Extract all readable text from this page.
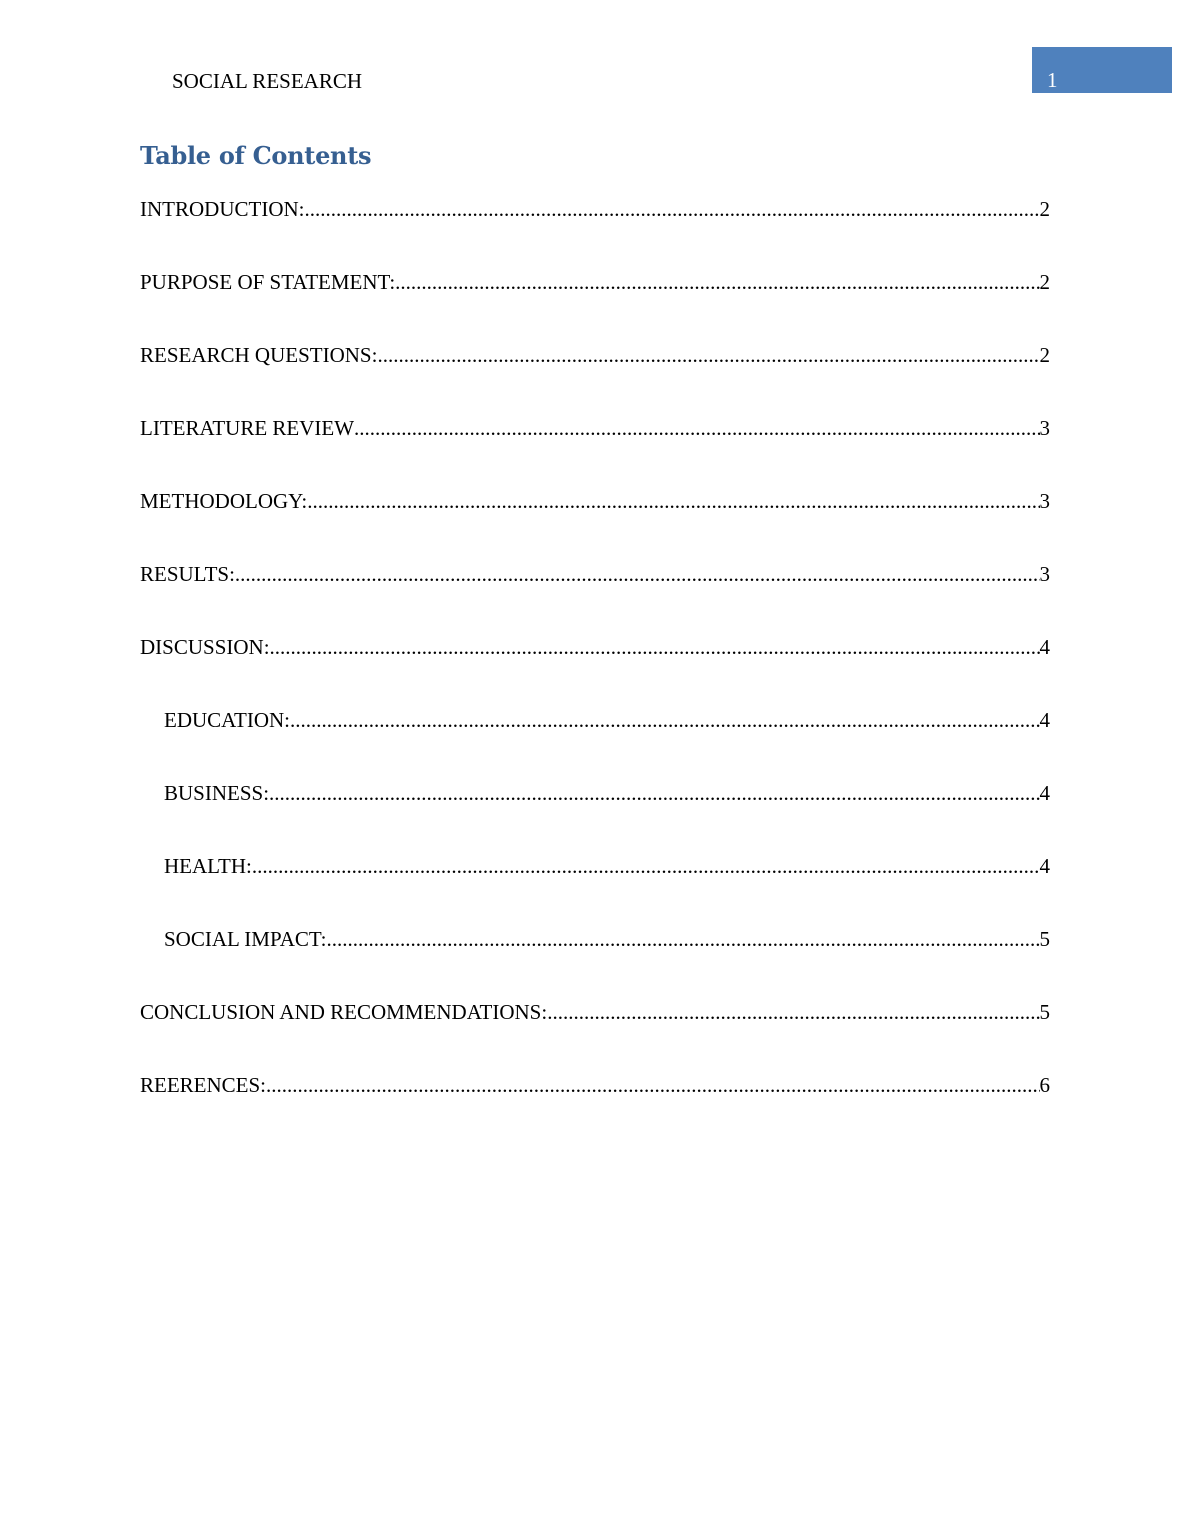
SOCIAL RESEARCH	1
Table of Contents
INTRODUCTION: .....	2
PURPOSE OF STATEMENT: .....	2
RESEARCH QUESTIONS: .....	2
LITERATURE REVIEW .....	3
METHODOLOGY: .....	3
RESULTS: .....	3
DISCUSSION: .....	4
EDUCATION: .....	4
BUSINESS: .....	4
HEALTH: .....	4
SOCIAL IMPACT: .....	5
CONCLUSION AND RECOMMENDATIONS: .....	5
REERENCES: .....	6
